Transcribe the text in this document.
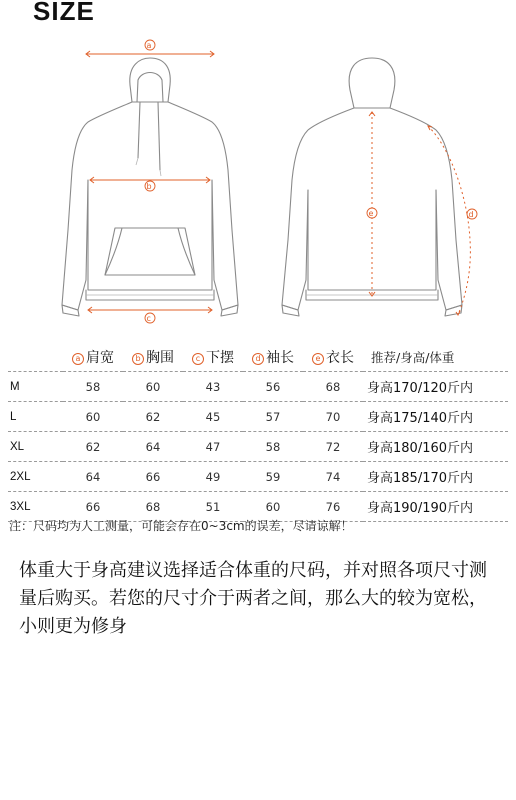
SIZE
a
b
c
e	d
	a 肩宽	b 胸围	c 下摆	d 袖长	e 衣长	推荐/身高/体重
M	58	60	43	56	68	身高170/120斤内
L	60	62	45	57	70	身高175/140斤内
XL	62	64	47	58	72	身高180/160斤内
2XL	64	66	49	59	74	身高185/170斤内
3XL	66	68	51	60	76	身高190/190斤内
注：尺码均为人工测量，可能会存在0~3cm的误差，尽请谅解！

体重大于身高建议选择适合体重的尺码，并对照各项尺寸测量后购买。若您的尺寸介于两者之间，那么大的较为宽松，小则更为修身
